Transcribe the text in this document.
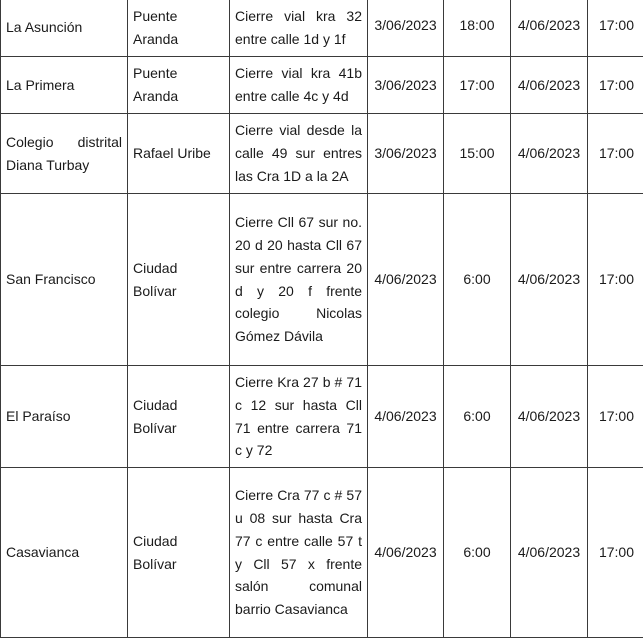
La Asunción	Puente Aranda	Cierre vial kra 32 entre calle 1d y 1f	3/06/2023	18:00	4/06/2023	17:00
La Primera	Puente Aranda	Cierre vial kra 41b entre calle 4c y 4d	3/06/2023	17:00	4/06/2023	17:00
Colegio distrital Diana Turbay	Rafael Uribe	Cierre vial desde la calle 49 sur entres las Cra 1D a la 2A	3/06/2023	15:00	4/06/2023	17:00
San Francisco	Ciudad Bolívar	Cierre Cll 67 sur no. 20 d 20 hasta Cll 67 sur entre carrera 20 d y 20 f frente colegio Nicolas Gómez Dávila	4/06/2023	6:00	4/06/2023	17:00
El Paraíso	Ciudad Bolívar	Cierre Kra 27 b # 71 c 12 sur hasta Cll 71 entre carrera 71 c y 72	4/06/2023	6:00	4/06/2023	17:00
Casavianca	Ciudad Bolívar	Cierre Cra 77 c # 57 u 08 sur hasta Cra 77 c entre calle 57 t y Cll 57 x frente salón comunal barrio Casavianca	4/06/2023	6:00	4/06/2023	17:00
